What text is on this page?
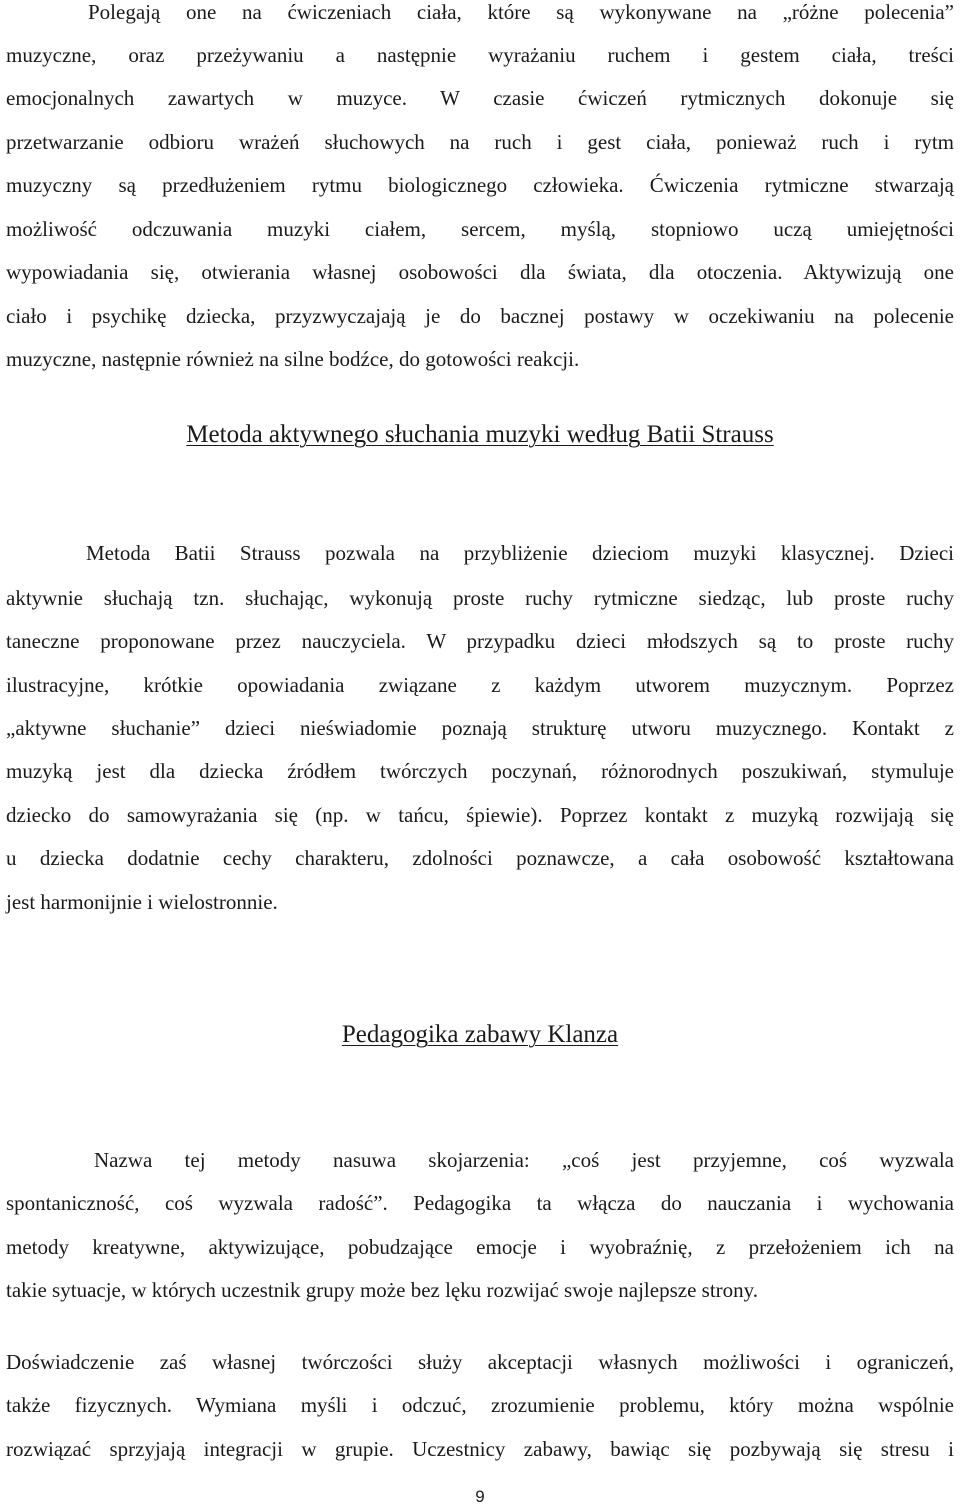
Polegają one na ćwiczeniach ciała, które są wykonywane na „różne polecenia”

muzyczne, oraz przeżywaniu a następnie wyrażaniu ruchem i gestem ciała, treści

emocjonalnych zawartych w muzyce. W czasie ćwiczeń rytmicznych dokonuje się

przetwarzanie odbioru wrażeń słuchowych na ruch i gest ciała, ponieważ ruch i rytm

muzyczny są przedłużeniem rytmu biologicznego człowieka. Ćwiczenia rytmiczne stwarzają

możliwość odczuwania muzyki ciałem, sercem, myślą, stopniowo uczą umiejętności

wypowiadania się, otwierania własnej osobowości dla świata, dla otoczenia. Aktywizują one

ciało i psychikę dziecka, przyzwyczajają je do bacznej postawy w oczekiwaniu na polecenie

muzyczne, następnie również na silne bodźce, do gotowości reakcji.

Metoda aktywnego słuchania muzyki według Batii Strauss

Metoda Batii Strauss pozwala na przybliżenie dzieciom muzyki klasycznej. Dzieci

aktywnie słuchają tzn. słuchając, wykonują proste ruchy rytmiczne siedząc, lub proste ruchy

taneczne proponowane przez nauczyciela. W przypadku dzieci młodszych są to proste ruchy

ilustracyjne, krótkie opowiadania związane z każdym utworem muzycznym. Poprzez

„aktywne słuchanie” dzieci nieświadomie poznają strukturę utworu muzycznego. Kontakt z

muzyką jest dla dziecka źródłem twórczych poczynań, różnorodnych poszukiwań, stymuluje

dziecko do samowyrażania się (np. w tańcu, śpiewie). Poprzez kontakt z muzyką rozwijają się

u dziecka dodatnie cechy charakteru, zdolności poznawcze, a cała osobowość kształtowana

jest harmonijnie i wielostronnie.

Pedagogika zabawy Klanza

Nazwa tej metody nasuwa skojarzenia: „coś jest przyjemne, coś wyzwala

spontaniczność, coś wyzwala radość”. Pedagogika ta włącza do nauczania i wychowania

metody kreatywne, aktywizujące, pobudzające emocje i wyobraźnię, z przełożeniem ich na

takie sytuacje, w których uczestnik grupy może bez lęku rozwijać swoje najlepsze strony.

Doświadczenie zaś własnej twórczości służy akceptacji własnych możliwości i ograniczeń,

także fizycznych. Wymiana myśli i odczuć, zrozumienie problemu, który można wspólnie

rozwiązać sprzyjają integracji w grupie. Uczestnicy zabawy, bawiąc się pozbywają się stresu i

9
